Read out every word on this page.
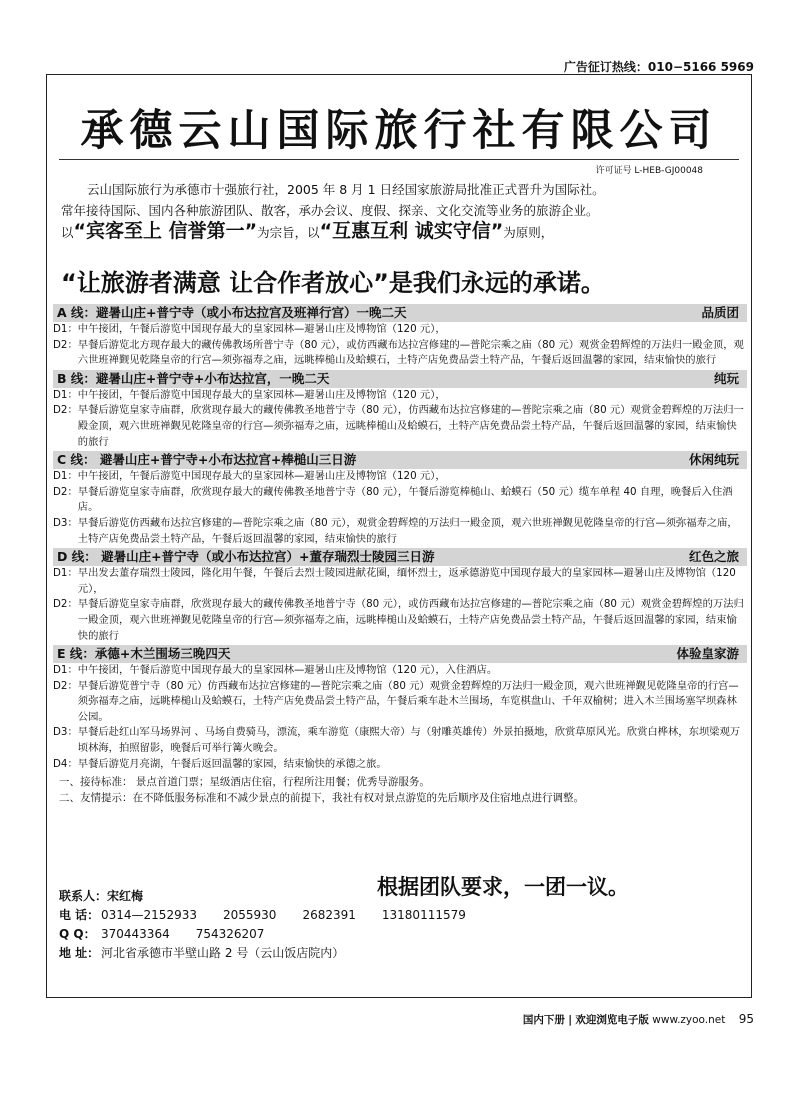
广告征订热线：010−5166 5969
承德云山国际旅行社有限公司
许可证号 L-HEB-GJ00048

云山国际旅行为承德市十强旅行社，2005 年 8 月 1 日经国家旅游局批准正式晋升为国际社。

常年接待国际、国内各种旅游团队、散客，承办会议、度假、探亲、文化交流等业务的旅游企业。

以“宾客至上 信誉第一”为宗旨，以“互惠互利 诚实守信”为原则，

“让旅游者满意 让合作者放心”是我们永远的承诺。
A 线：避暑山庄+普宁寺（或小布达拉宫及班禅行宫）一晚二天	品质团
D1： 中午接团，午餐后游览中国现存最大的皇家园林—避暑山庄及博物馆（120 元），
D2： 早餐后游览北方现存最大的藏传佛教场所普宁寺（80 元），或仿西藏布达拉宫修建的—普陀宗乘之庙（80 元）观赏金碧辉煌的万法归一殿金顶，观六世班禅觐见乾隆皇帝的行宫—须弥福寿之庙，远眺棒槌山及蛤蟆石，土特产店免费品尝土特产品，午餐后返回温馨的家园，结束愉快的旅行
B 线：避暑山庄+普宁寺+小布达拉宫，一晚二天	纯玩
D1： 中午接团，午餐后游览中国现存最大的皇家园林—避暑山庄及博物馆（120 元），
D2： 早餐后游览皇家寺庙群，欣赏现存最大的藏传佛教圣地普宁寺（80 元），仿西藏布达拉宫修建的—普陀宗乘之庙（80 元）观赏金碧辉煌的万法归一殿金顶，观六世班禅觐见乾隆皇帝的行宫—须弥福寿之庙，远眺棒槌山及蛤蟆石，土特产店免费品尝土特产品，午餐后返回温馨的家园，结束愉快的旅行
C 线： 避暑山庄+普宁寺+小布达拉宫+棒槌山三日游	休闲纯玩
D1： 中午接团，午餐后游览中国现存最大的皇家园林—避暑山庄及博物馆（120 元），
D2： 早餐后游览皇家寺庙群，欣赏现存最大的藏传佛教圣地普宁寺（80 元），午餐后游览棒槌山、蛤蟆石（50 元）缆车单程 40 自理，晚餐后入住酒店。
D3： 早餐后游览仿西藏布达拉宫修建的—普陀宗乘之庙（80 元），观赏金碧辉煌的万法归一殿金顶，观六世班禅觐见乾隆皇帝的行宫—须弥福寿之庙，土特产店免费品尝土特产品，午餐后返回温馨的家园，结束愉快的旅行
D 线： 避暑山庄+普宁寺（或小布达拉宫）+董存瑞烈士陵园三日游	红色之旅
D1： 早出发去董存瑞烈士陵园，隆化用午餐，午餐后去烈士陵园进献花圈，缅怀烈士，返承德游览中国现存最大的皇家园林—避暑山庄及博物馆（120 元），
D2： 早餐后游览皇家寺庙群，欣赏现存最大的藏传佛教圣地普宁寺（80 元），或仿西藏布达拉宫修建的—普陀宗乘之庙（80 元）观赏金碧辉煌的万法归一殿金顶，观六世班禅觐见乾隆皇帝的行宫—须弥福寿之庙，远眺棒槌山及蛤蟆石，土特产店免费品尝土特产品，午餐后返回温馨的家园，结束愉快的旅行
E 线：承德+木兰围场三晚四天	体验皇家游
D1： 中午接团，午餐后游览中国现存最大的皇家园林—避暑山庄及博物馆（120 元），入住酒店。
D2： 早餐后游览普宁寺（80 元）仿西藏布达拉宫修建的—普陀宗乘之庙（80 元）观赏金碧辉煌的万法归一殿金顶，观六世班禅觐见乾隆皇帝的行宫—须弥福寿之庙，远眺棒槌山及蛤蟆石，土特产店免费品尝土特产品，午餐后乘车赴木兰围场，车览棋盘山、千年双榆树；进入木兰围场塞罕坝森林公园。
D3： 早餐后赴红山军马场界河 、马场自费骑马，漂流，乘车游览（康熙大帝）与（射雕英雄传）外景拍摄地，欣赏草原风光。欣赏白桦林，东坝梁观万顷林海，拍照留影，晚餐后可举行篝火晚会。
D4： 早餐后游览月亮湖，午餐后返回温馨的家园，结束愉快的承德之旅。
一、接待标准： 景点首道门票；星级酒店住宿，行程所注用餐；优秀导游服务。
二、友情提示：在不降低服务标准和不减少景点的前提下，我社有权对景点游览的先后顺序及住宿地点进行调整。
根据团队要求，一团一议。
联系人： 宋红梅
电 话： 0314—2152933 2055930 2682391 13180111579
Q Q： 370443364 754326207
地 址： 河北省承德市半壁山路 2 号（云山饭店院内）
国内下册 | 欢迎浏览电子版 www.zyoo.net 95
